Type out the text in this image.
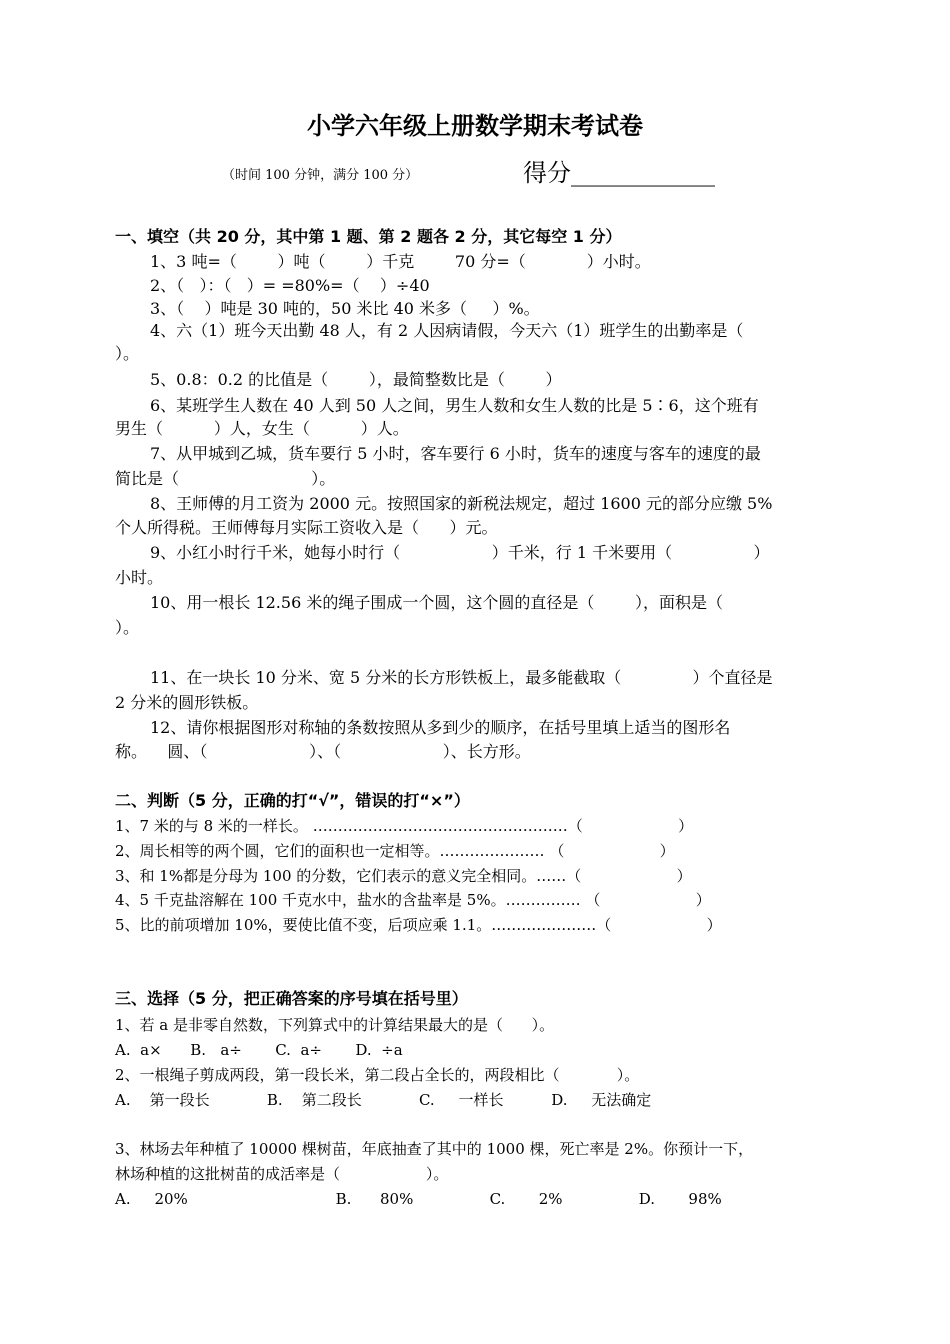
小学六年级上册数学期末考试卷
（时间 100 分钟，满分 100 分）	得分____________
一、填空（共 20 分，其中第 1 题、第 2 题各 2 分，其它每空 1 分）
1、3 吨=（        ）吨（        ）千克        70 分=（            ）小时。
2、（   ）：（   ）= =80%=（    ）÷40
3、（    ）吨是 30 吨的，50 米比 40 米多（     ）%。
4、六（1）班今天出勤 48 人，有 2 人因病请假，今天六（1）班学生的出勤率是（
）。
5、0.8：0.2 的比值是（        ），最简整数比是（        ）
6、某班学生人数在 40 人到 50 人之间，男生人数和女生人数的比是 5∶6，这个班有
男生（          ）人，女生（          ）人。
7、从甲城到乙城，货车要行 5 小时，客车要行 6 小时，货车的速度与客车的速度的最
简比是（                          ）。
8、王师傅的月工资为 2000 元。按照国家的新税法规定，超过 1600 元的部分应缴 5%
个人所得税。王师傅每月实际工资收入是（      ）元。
9、小红小时行千米，她每小时行（                  ）千米，行 1 千米要用（                ）
小时。
10、用一根长 12.56 米的绳子围成一个圆，这个圆的直径是（        ），面积是（
）。
11、在一块长 10 分米、宽 5 分米的长方形铁板上，最多能截取（              ）个直径是
2 分米的圆形铁板。
12、请你根据图形对称轴的条数按照从多到少的顺序，在括号里填上适当的图形名
称。    圆、（                    ）、（                    ）、长方形。
二、判断（5 分，正确的打“√”，错误的打“×”）
1、7 米的与 8 米的一样长。 ……………………………………………（                    ）
2、周长相等的两个圆，它们的面积也一定相等。………………… （                    ）
3、和 1%都是分母为 100 的分数，它们表示的意义完全相同。……（                    ）
4、5 千克盐溶解在 100 千克水中，盐水的含盐率是 5%。…………… （                    ）
5、比的前项增加 10%，要使比值不变，后项应乘 1.1。…………………（                    ）
三、选择（5 分，把正确答案的序号填在括号里）
1、若 a 是非零自然数，下列算式中的计算结果最大的是（      ）。
A.  a×      B.   a÷       C.  a÷       D.  ÷a
2、一根绳子剪成两段，第一段长米，第二段占全长的，两段相比（            ）。
A.    第一段长            B.    第二段长            C.     一样长          D.     无法确定
3、林场去年种植了 10000 棵树苗，年底抽查了其中的 1000 棵，死亡率是 2%。你预计一下，
林场种植的这批树苗的成活率是（                  ）。
A.     20%                               B.      80%                C.       2%                D.       98%
